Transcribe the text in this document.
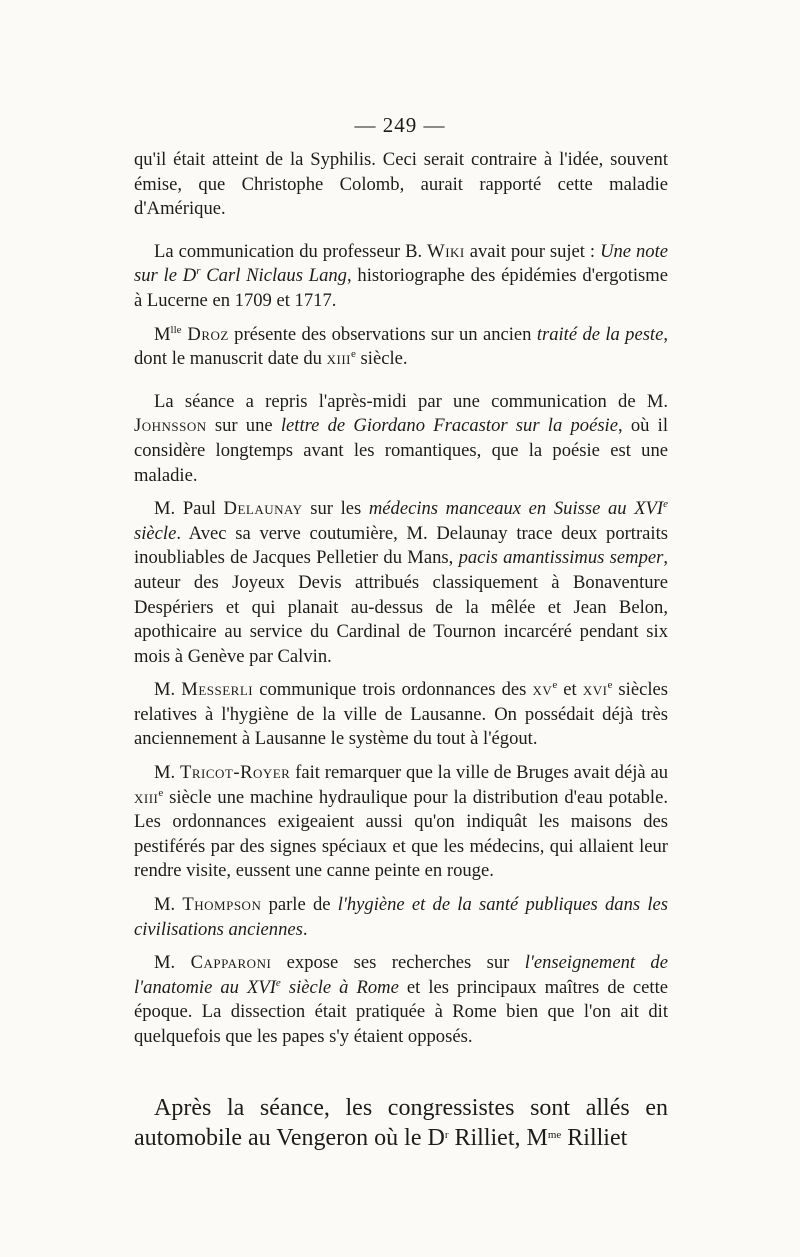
— 249 —

qu'il était atteint de la Syphilis. Ceci serait contraire à l'idée, souvent émise, que Christophe Colomb, aurait rapporté cette maladie d'Amérique.

La communication du professeur B. Wiki avait pour sujet : Une note sur le $D^r$ Carl Niclaus Lang, historiographe des épidémies d'ergotisme à Lucerne en 1709 et 1717.

$M^{lle}$ Droz présente des observations sur un ancien traité de la peste, dont le manuscrit date du xiii$^e$ siècle.

La séance a repris l'après-midi par une communication de M. Johnsson sur une lettre de Giordano Fracastor sur la poésie, où il considère longtemps avant les romantiques, que la poésie est une maladie.

M. Paul Delaunay sur les médecins manceaux en Suisse au XVIe siècle. Avec sa verve coutumière, M. Delaunay trace deux portraits inoubliables de Jacques Pelletier du Mans, pacis amantissimus semper, auteur des Joyeux Devis attribués classiquement à Bonaventure Despériers et qui planait au-dessus de la mêlée et Jean Belon, apothicaire au service du Cardinal de Tournon incarcéré pendant six mois à Genève par Calvin.

M. Messerli communique trois ordonnances des $xv^e$ et xvi$^e$ siècles relatives à l'hygiène de la ville de Lausanne. On possédait déjà très anciennement à Lausanne le système du tout à l'égout.

M. Tricot-Royer fait remarquer que la ville de Bruges avait déjà au xiii$^e$ siècle une machine hydraulique pour la distribution d'eau potable. Les ordonnances exigeaient aussi qu'on indiquât les maisons des pestiférés par des signes spéciaux et que les médecins, qui allaient leur rendre visite, eussent une canne peinte en rouge.

M. Thompson parle de l'hygiène et de la santé publiques dans les civilisations anciennes.

M. Capparoni expose ses recherches sur l'enseignement de l'anatomie au XVIe siècle à Rome et les principaux maîtres de cette époque. La dissection était pratiquée à Rome bien que l'on ait dit quelquefois que les papes s'y étaient opposés.

Après la séance, les congressistes sont allés en automobile au Vengeron où le $D^r$ Rilliet, $M^{me}$ Rilliet
